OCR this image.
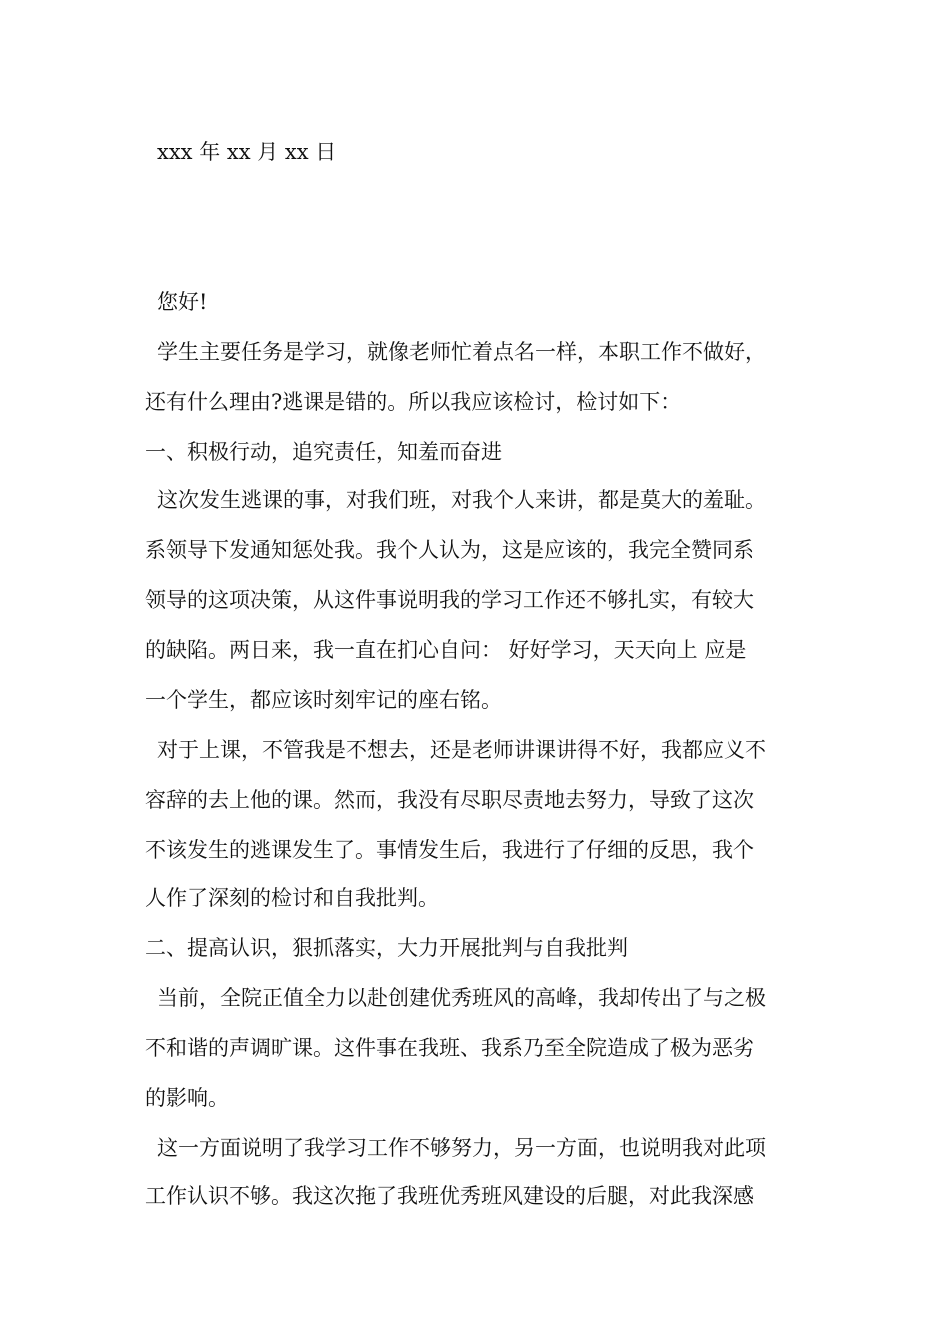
xxx 年 xx 月 xx 日
您好!
学生主要任务是学习，就像老师忙着点名一样，本职工作不做好，
还有什么理由?逃课是错的。所以我应该检讨，检讨如下：
一、积极行动，追究责任，知羞而奋进
这次发生逃课的事，对我们班，对我个人来讲，都是莫大的羞耻。
系领导下发通知惩处我。我个人认为，这是应该的，我完全赞同系
领导的这项决策，从这件事说明我的学习工作还不够扎实，有较大
的缺陷。两日来，我一直在扪心自问： 好好学习，天天向上 应是
一个学生，都应该时刻牢记的座右铭。
对于上课，不管我是不想去，还是老师讲课讲得不好，我都应义不
容辞的去上他的课。然而，我没有尽职尽责地去努力，导致了这次
不该发生的逃课发生了。事情发生后，我进行了仔细的反思，我个
人作了深刻的检讨和自我批判。
二、提高认识，狠抓落实，大力开展批判与自我批判
当前，全院正值全力以赴创建优秀班风的高峰，我却传出了与之极
不和谐的声调旷课。这件事在我班、我系乃至全院造成了极为恶劣
的影响。
这一方面说明了我学习工作不够努力，另一方面，也说明我对此项
工作认识不够。我这次拖了我班优秀班风建设的后腿，对此我深感
